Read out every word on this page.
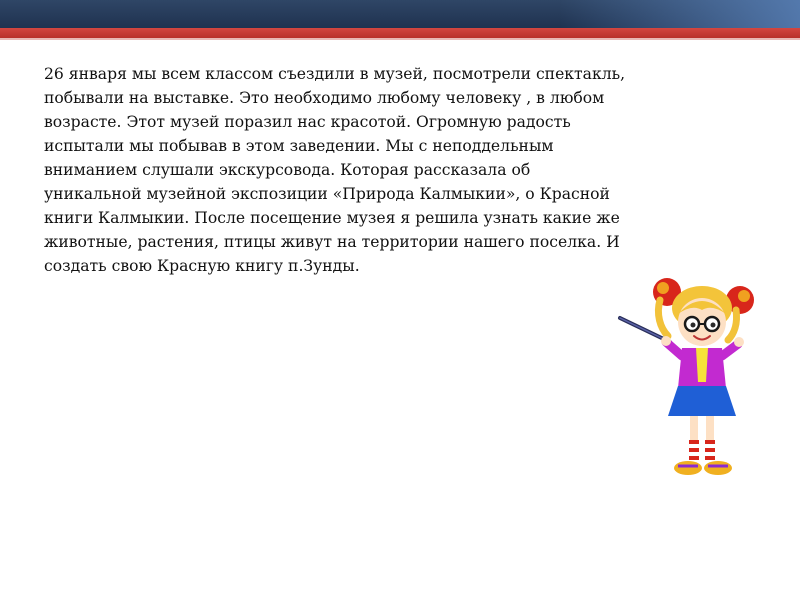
26 января мы всем классом съездили в музей, посмотрели спектакль,
побывали на выставке. Это необходимо любому человеку , в любом
возрасте. Этот музей поразил нас красотой. Огромную радость
испытали мы побывав в этом заведении. Мы с неподдельным
вниманием слушали экскурсовода. Которая рассказала об
уникальной музейной экспозиции «Природа Калмыкии», о Красной
книги Калмыкии. После посещение музея я решила узнать какие же
животные, растения, птицы живут на территории нашего поселка. И
создать свою Красную книгу п.Зунды.
